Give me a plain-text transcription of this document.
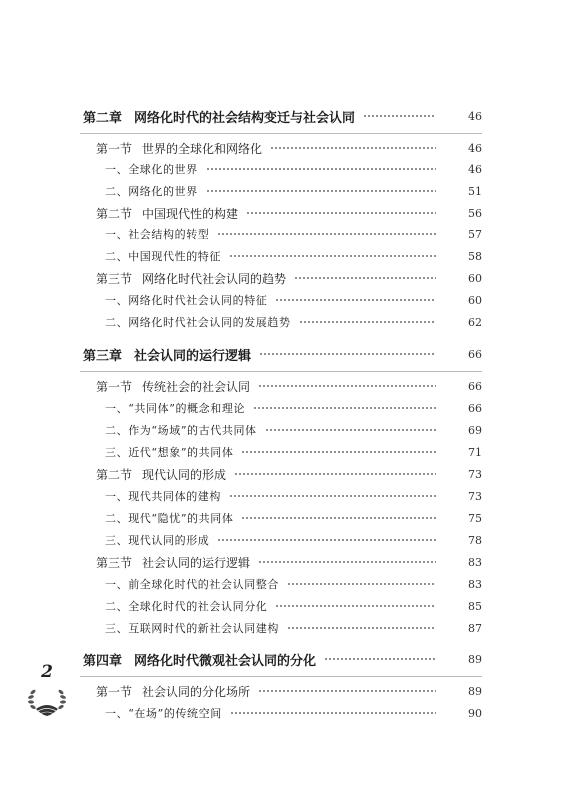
第二章 网络化时代的社会结构变迁与社会认同	46
第一节 世界的全球化和网络化	46
一、全球化的世界	46
二、网络化的世界	51
第二节 中国现代性的构建	56
一、社会结构的转型	57
二、中国现代性的特征	58
第三节 网络化时代社会认同的趋势	60
一、网络化时代社会认同的特征	60
二、网络化时代社会认同的发展趋势	62
第三章 社会认同的运行逻辑	66
第一节 传统社会的社会认同	66
一、“共同体”的概念和理论	66
二、作为“场域”的古代共同体	69
三、近代“想象”的共同体	71
第二节 现代认同的形成	73
一、现代共同体的建构	73
二、现代“隐忧”的共同体	75
三、现代认同的形成	78
第三节 社会认同的运行逻辑	83
一、前全球化时代的社会认同整合	83
二、全球化时代的社会认同分化	85
三、互联网时代的新社会认同建构	87
第四章 网络化时代微观社会认同的分化	89
第一节 社会认同的分化场所	89
一、“在场”的传统空间	90
2
